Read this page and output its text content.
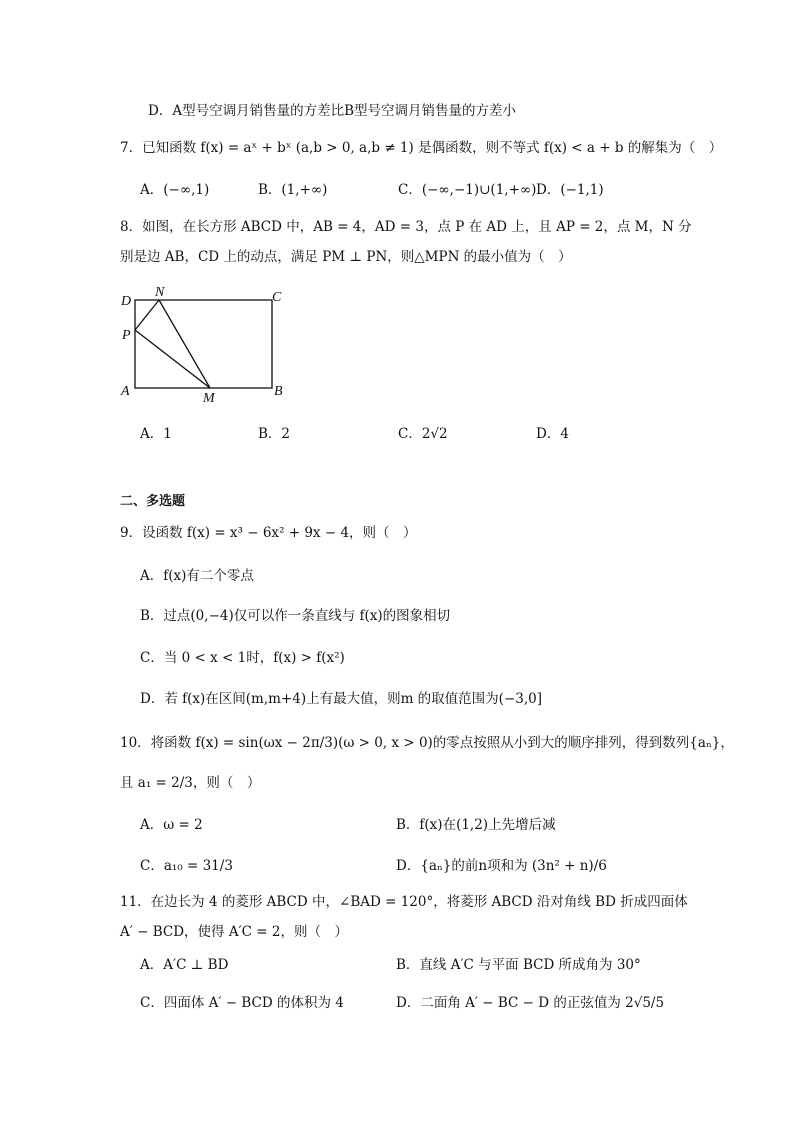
D．A型号空调月销售量的方差比B型号空调月销售量的方差小
7．已知函数 f(x) = aˣ + bˣ (a,b > 0, a,b ≠ 1) 是偶函数，则不等式 f(x) < a + b 的解集为（　）
A．(−∞,1)	B．(1,+∞)	C．(−∞,−1)∪(1,+∞) D．(−1,1)
8．如图，在长方形 ABCD 中，AB = 4，AD = 3，点 P 在 AD 上，且 AP = 2，点 M，N 分
别是边 AB，CD 上的动点，满足 PM ⊥ PN，则△MPN 的最小值为（　）
D
N	C
P
A	M	B
A．1	B．2	C．2√2	D．4
二、多选题
9．设函数 f(x) = x³ − 6x² + 9x − 4，则（　）
A．f(x)有二个零点
B．过点(0,−4)仅可以作一条直线与 f(x)的图象相切
C．当 0 < x < 1时，f(x) > f(x²)
D．若 f(x)在区间(m,m+4)上有最大值，则m 的取值范围为(−3,0]
10．将函数 f(x) = sin(ωx − 2π/3)(ω > 0, x > 0)的零点按照从小到大的顺序排列，得到数列{aₙ}，
且 a₁ = 2/3，则（　）
A．ω = 2	B．f(x)在(1,2)上先增后减
C．a₁₀ = 31/3	D．{aₙ}的前n项和为 (3n² + n)/6
11．在边长为 4 的菱形 ABCD 中，∠BAD = 120°，将菱形 ABCD 沿对角线 BD 折成四面体
A′ − BCD，使得 A′C = 2，则（　）
A．A′C ⊥ BD	B．直线 A′C 与平面 BCD 所成角为 30°
C．四面体 A′ − BCD 的体积为 4	D．二面角 A′ − BC − D 的正弦值为 2√5/5
